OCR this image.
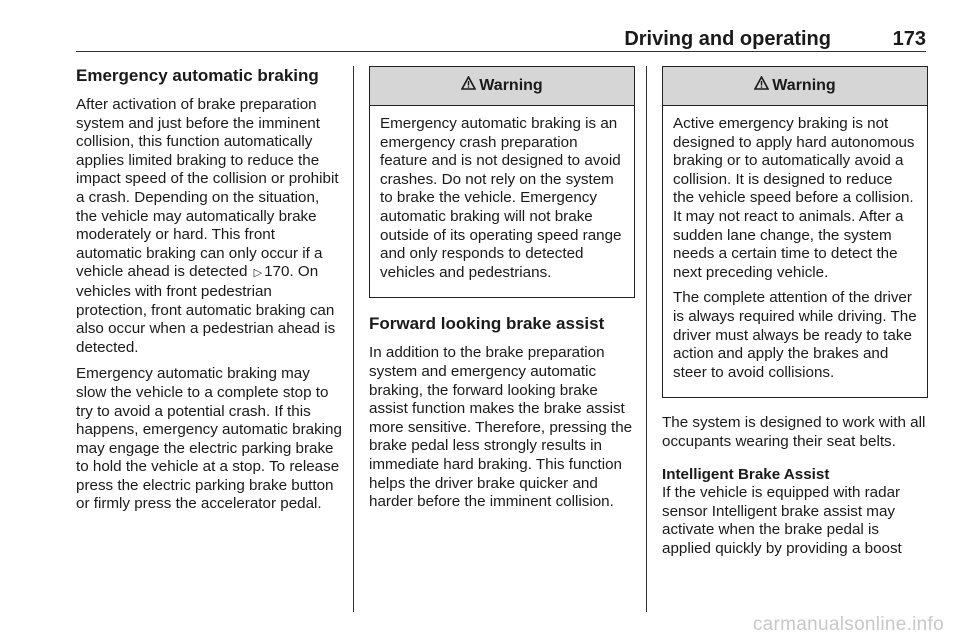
Driving and operating	173
Emergency automatic braking

After activation of brake preparation system and just before the imminent collision, this function automatically applies limited braking to reduce the impact speed of the collision or prohibit a crash. Depending on the situation, the vehicle may automatically brake moderately or hard. This front automatic braking can only occur if a vehicle ahead is detected ▷ 170. On vehicles with front pedestrian protection, front automatic braking can also occur when a pedestrian ahead is detected.

Emergency automatic braking may slow the vehicle to a complete stop to try to avoid a potential crash. If this happens, emergency automatic braking may engage the electric parking brake to hold the vehicle at a stop. To release press the electric parking brake button or firmly press the accelerator pedal.

Warning

Emergency automatic braking is an emergency crash preparation feature and is not designed to avoid crashes. Do not rely on the system to brake the vehicle. Emergency automatic braking will not brake outside of its operating speed range and only responds to detected vehicles and pedestrians.

Forward looking brake assist

In addition to the brake preparation system and emergency automatic braking, the forward looking brake assist function makes the brake assist more sensitive. Therefore, pressing the brake pedal less strongly results in immediate hard braking. This function helps the driver brake quicker and harder before the imminent collision.

Warning

Active emergency braking is not designed to apply hard autonomous braking or to automatically avoid a collision. It is designed to reduce the vehicle speed before a collision. It may not react to animals. After a sudden lane change, the system needs a certain time to detect the next preceding vehicle.

The complete attention of the driver is always required while driving. The driver must always be ready to take action and apply the brakes and steer to avoid collisions.

The system is designed to work with all occupants wearing their seat belts.

Intelligent Brake Assist

If the vehicle is equipped with radar sensor Intelligent brake assist may activate when the brake pedal is applied quickly by providing a boost

carmanualsonline.info
